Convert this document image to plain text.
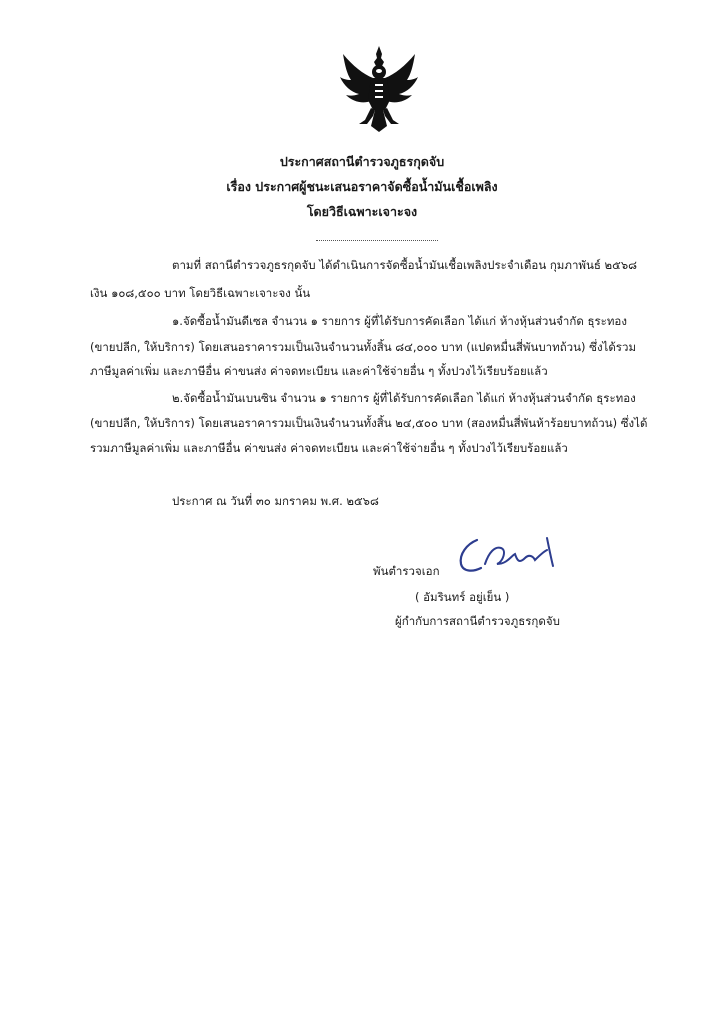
ประกาศสถานีตำรวจภูธรกุดจับ
เรื่อง ประกาศผู้ชนะเสนอราคาจัดซื้อน้ำมันเชื้อเพลิง
โดยวิธีเฉพาะเจาะจง
ตามที่ สถานีตำรวจภูธรกุดจับ ได้ดำเนินการจัดซื้อน้ำมันเชื้อเพลิงประจำเดือน กุมภาพันธ์ ๒๕๖๘
เงิน ๑๐๘,๕๐๐ บาท โดยวิธีเฉพาะเจาะจง นั้น
๑.จัดซื้อน้ำมันดีเซล จำนวน ๑ รายการ ผู้ที่ได้รับการคัดเลือก ได้แก่ ห้างหุ้นส่วนจำกัด ธุระทอง
(ขายปลีก, ให้บริการ) โดยเสนอราคารวมเป็นเงินจำนวนทั้งสิ้น ๘๔,๐๐๐ บาท (แปดหมื่นสี่พันบาทถ้วน) ซึ่งได้รวม
ภาษีมูลค่าเพิ่ม และภาษีอื่น ค่าขนส่ง ค่าจดทะเบียน และค่าใช้จ่ายอื่น ๆ ทั้งปวงไว้เรียบร้อยแล้ว
๒.จัดซื้อน้ำมันเบนซิน จำนวน ๑ รายการ ผู้ที่ได้รับการคัดเลือก ได้แก่ ห้างหุ้นส่วนจำกัด ธุระทอง
(ขายปลีก, ให้บริการ) โดยเสนอราคารวมเป็นเงินจำนวนทั้งสิ้น ๒๔,๕๐๐ บาท (สองหมื่นสี่พันห้าร้อยบาทถ้วน) ซึ่งได้
รวมภาษีมูลค่าเพิ่ม และภาษีอื่น ค่าขนส่ง ค่าจดทะเบียน และค่าใช้จ่ายอื่น ๆ ทั้งปวงไว้เรียบร้อยแล้ว
ประกาศ ณ วันที่ ๓๐ มกราคม พ.ศ. ๒๕๖๘
พันตำรวจเอก
( อัมรินทร์ อยู่เย็น )
ผู้กำกับการสถานีตำรวจภูธรกุดจับ
